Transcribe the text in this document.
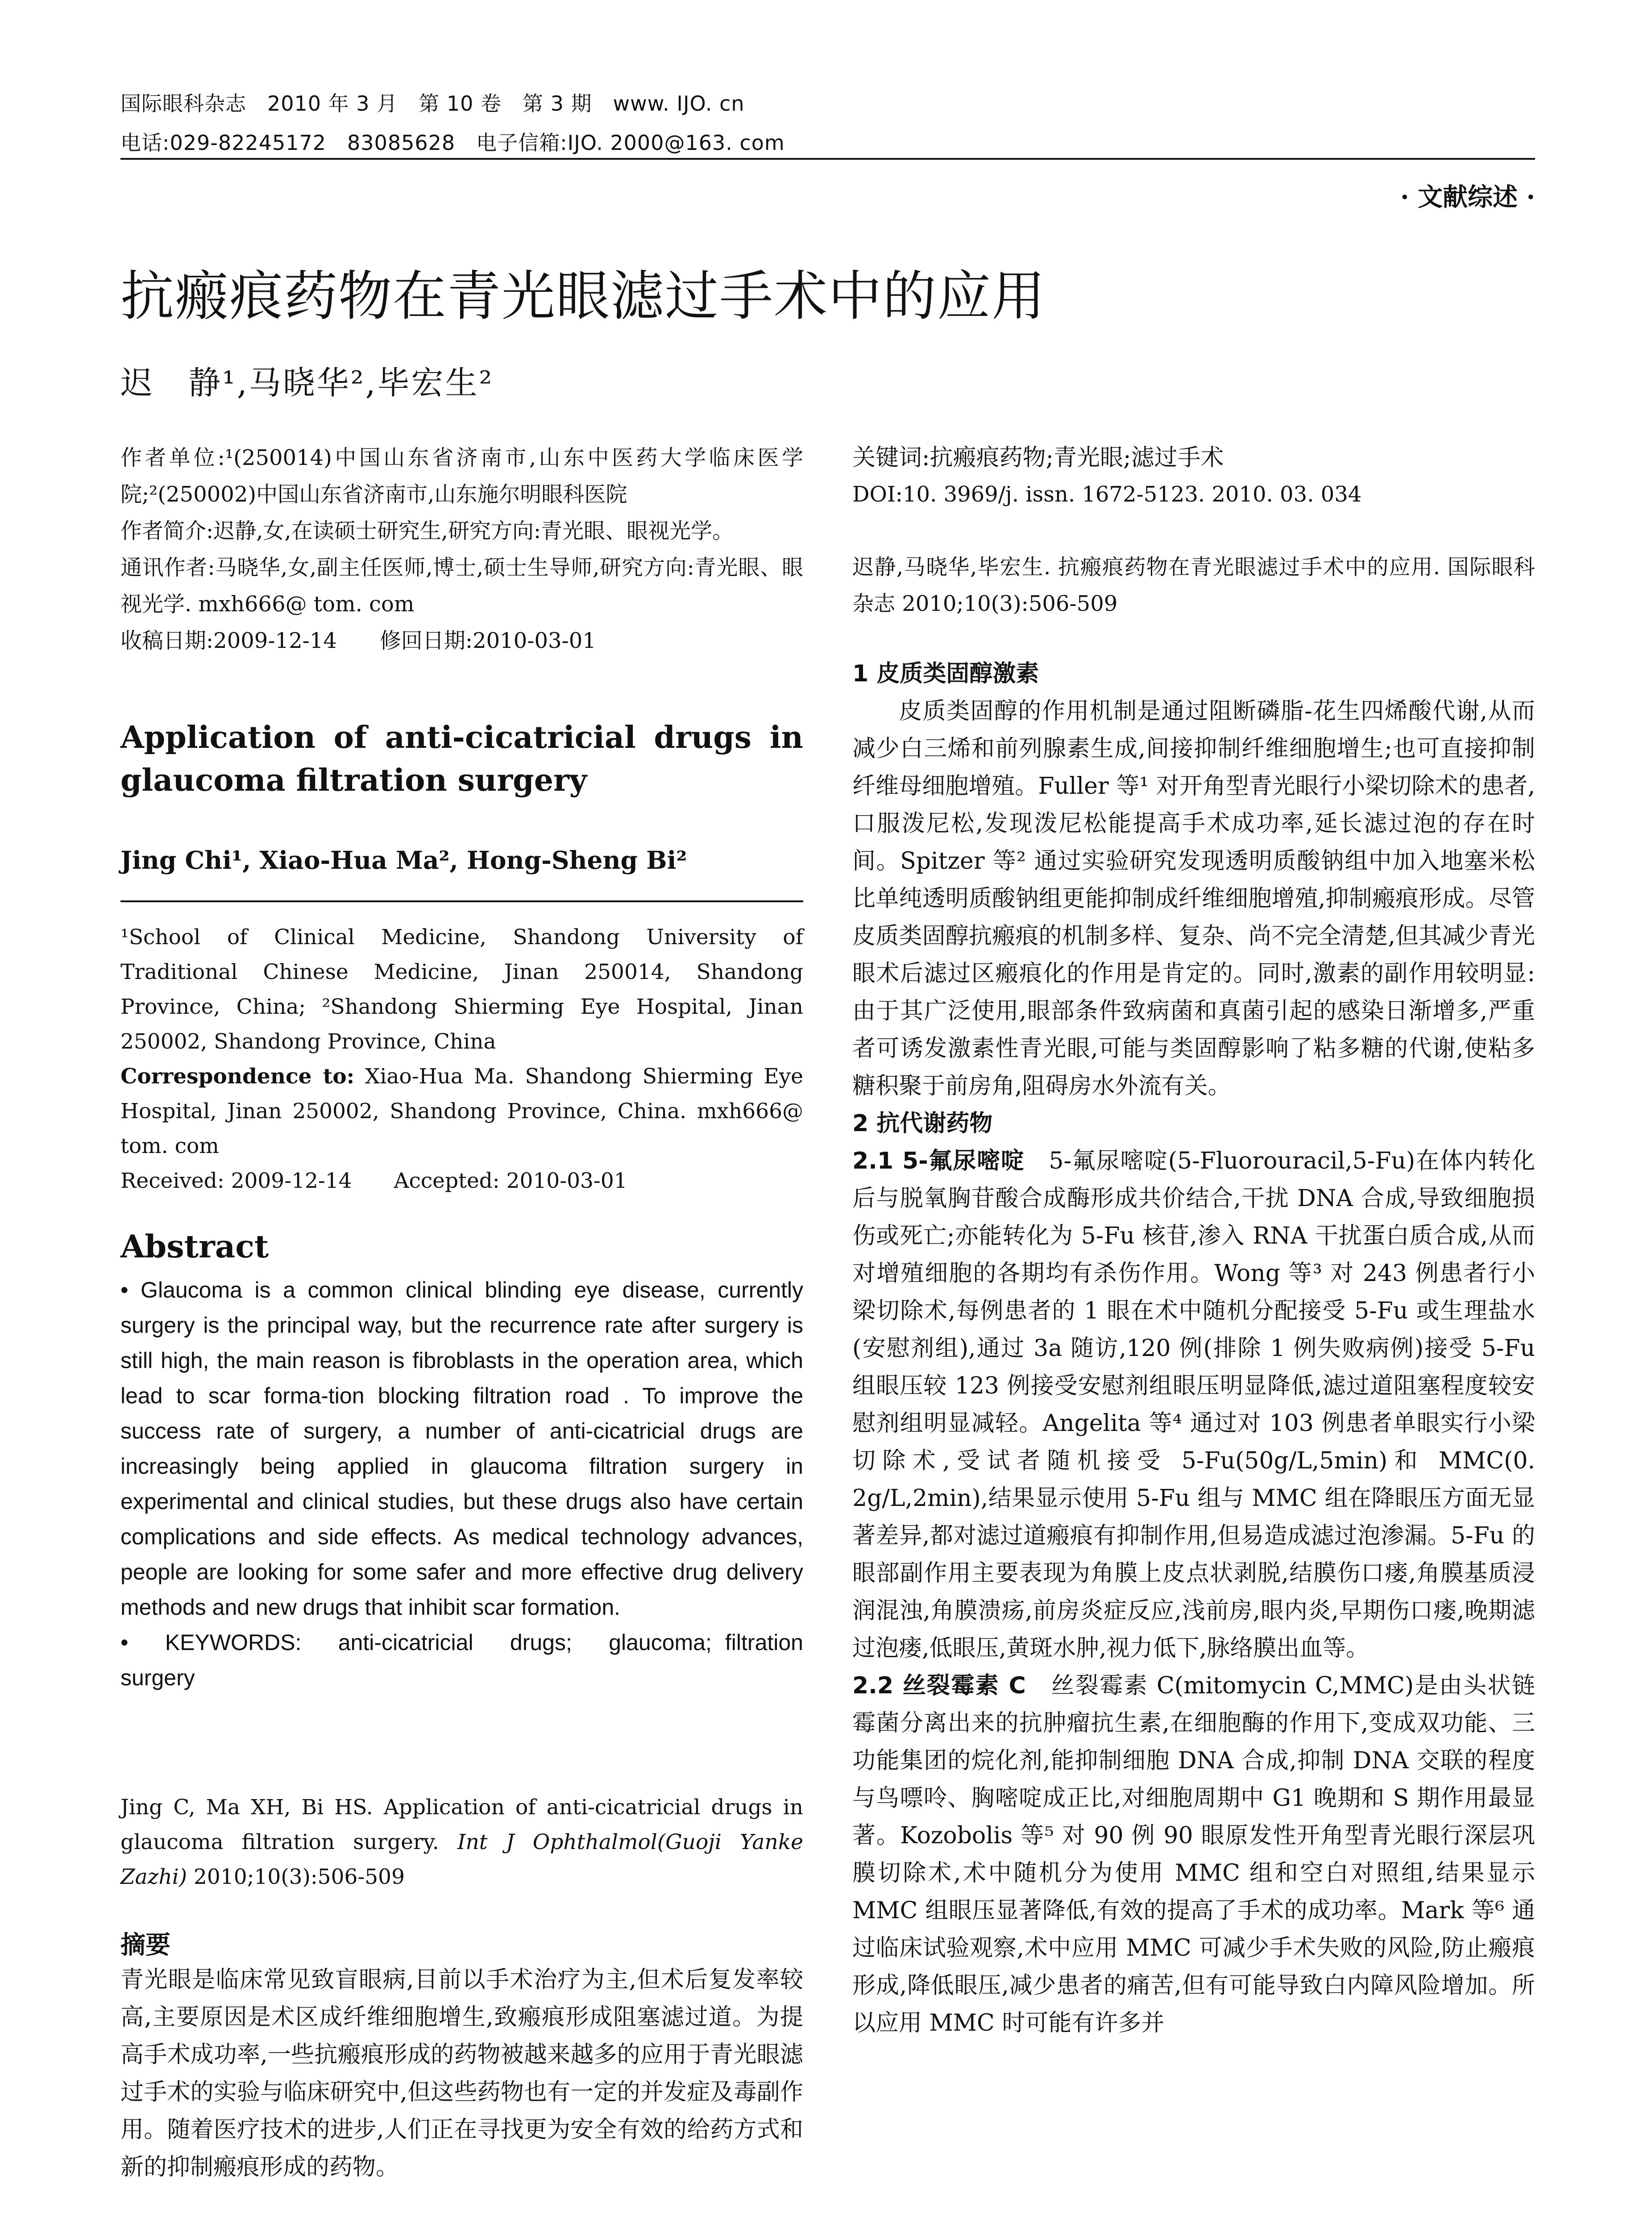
国际眼科杂志　2010 年 3 月　第 10 卷　第 3 期　www. IJO. cn
电话:029-82245172　83085628　电子信箱:IJO. 2000@163. com
· 文献综述 ·
抗瘢痕药物在青光眼滤过手术中的应用
迟　静¹,马晓华²,毕宏生²

作者单位:¹(250014)中国山东省济南市,山东中医药大学临床医学院;²(250002)中国山东省济南市,山东施尔明眼科医院

作者简介:迟静,女,在读硕士研究生,研究方向:青光眼、眼视光学。

通讯作者:马晓华,女,副主任医师,博士,硕士生导师,研究方向:青光眼、眼视光学. mxh666@ tom. com

收稿日期:2009-12-14　　修回日期:2010-03-01

Application of anti-cicatricial drugs in glaucoma filtration surgery
Jing Chi¹, Xiao-Hua Ma², Hong-Sheng Bi²

¹School of Clinical Medicine, Shandong University of Traditional Chinese Medicine, Jinan 250014, Shandong Province, China; ²Shandong Shierming Eye Hospital, Jinan 250002, Shandong Province, China

Correspondence to: Xiao-Hua Ma. Shandong Shierming Eye Hospital, Jinan 250002, Shandong Province, China. mxh666@ tom. com

Received: 2009-12-14　　Accepted: 2010-03-01

Abstract

• Glaucoma is a common clinical blinding eye disease, currently surgery is the principal way, but the recurrence rate after surgery is still high, the main reason is fibroblasts in the operation area, which lead to scar forma-tion blocking filtration road . To improve the success rate of surgery, a number of anti-cicatricial drugs are increasingly being applied in glaucoma filtration surgery in experimental and clinical studies, but these drugs also have certain complications and side effects. As medical technology advances, people are looking for some safer and more effective drug delivery methods and new drugs that inhibit scar formation.

•　KEYWORDS:　anti-cicatricial　drugs;　glaucoma; filtration surgery

Jing C, Ma XH, Bi HS. Application of anti-cicatricial drugs in glaucoma filtration surgery. Int J Ophthalmol(Guoji Yanke Zazhi) 2010;10(3):506-509
摘要
青光眼是临床常见致盲眼病,目前以手术治疗为主,但术后复发率较高,主要原因是术区成纤维细胞增生,致瘢痕形成阻塞滤过道。为提高手术成功率,一些抗瘢痕形成的药物被越来越多的应用于青光眼滤过手术的实验与临床研究中,但这些药物也有一定的并发症及毒副作用。随着医疗技术的进步,人们正在寻找更为安全有效的给药方式和新的抑制瘢痕形成的药物。

关键词:抗瘢痕药物;青光眼;滤过手术

DOI:10. 3969/j. issn. 1672-5123. 2010. 03. 034

迟静,马晓华,毕宏生. 抗瘢痕药物在青光眼滤过手术中的应用. 国际眼科杂志 2010;10(3):506-509

1 皮质类固醇激素

皮质类固醇的作用机制是通过阻断磷脂-花生四烯酸代谢,从而减少白三烯和前列腺素生成,间接抑制纤维细胞增生;也可直接抑制纤维母细胞增殖。Fuller 等¹ 对开角型青光眼行小梁切除术的患者,口服泼尼松,发现泼尼松能提高手术成功率,延长滤过泡的存在时间。Spitzer 等² 通过实验研究发现透明质酸钠组中加入地塞米松比单纯透明质酸钠组更能抑制成纤维细胞增殖,抑制瘢痕形成。尽管皮质类固醇抗瘢痕的机制多样、复杂、尚不完全清楚,但其减少青光眼术后滤过区瘢痕化的作用是肯定的。同时,激素的副作用较明显:由于其广泛使用,眼部条件致病菌和真菌引起的感染日渐增多,严重者可诱发激素性青光眼,可能与类固醇影响了粘多糖的代谢,使粘多糖积聚于前房角,阻碍房水外流有关。

2 抗代谢药物

2.1 5-氟尿嘧啶　5-氟尿嘧啶(5-Fluorouracil,5-Fu)在体内转化后与脱氧胸苷酸合成酶形成共价结合,干扰 DNA 合成,导致细胞损伤或死亡;亦能转化为 5-Fu 核苷,渗入 RNA 干扰蛋白质合成,从而对增殖细胞的各期均有杀伤作用。Wong 等³ 对 243 例患者行小梁切除术,每例患者的 1 眼在术中随机分配接受 5-Fu 或生理盐水(安慰剂组),通过 3a 随访,120 例(排除 1 例失败病例)接受 5-Fu 组眼压较 123 例接受安慰剂组眼压明显降低,滤过道阻塞程度较安慰剂组明显减轻。Angelita 等⁴ 通过对 103 例患者单眼实行小梁切除术,受试者随机接受 5-Fu(50g/L,5min)和 MMC(0. 2g/L,2min),结果显示使用 5-Fu 组与 MMC 组在降眼压方面无显著差异,都对滤过道瘢痕有抑制作用,但易造成滤过泡渗漏。5-Fu 的眼部副作用主要表现为角膜上皮点状剥脱,结膜伤口瘘,角膜基质浸润混浊,角膜溃疡,前房炎症反应,浅前房,眼内炎,早期伤口瘘,晚期滤过泡瘘,低眼压,黄斑水肿,视力低下,脉络膜出血等。

2.2 丝裂霉素 C　丝裂霉素 C(mitomycin C,MMC)是由头状链霉菌分离出来的抗肿瘤抗生素,在细胞酶的作用下,变成双功能、三功能集团的烷化剂,能抑制细胞 DNA 合成,抑制 DNA 交联的程度与鸟嘌呤、胸嘧啶成正比,对细胞周期中 G1 晚期和 S 期作用最显著。Kozobolis 等⁵ 对 90 例 90 眼原发性开角型青光眼行深层巩膜切除术,术中随机分为使用 MMC 组和空白对照组,结果显示 MMC 组眼压显著降低,有效的提高了手术的成功率。Mark 等⁶ 通过临床试验观察,术中应用 MMC 可减少手术失败的风险,防止瘢痕形成,降低眼压,减少患者的痛苦,但有可能导致白内障风险增加。所以应用 MMC 时可能有许多并
